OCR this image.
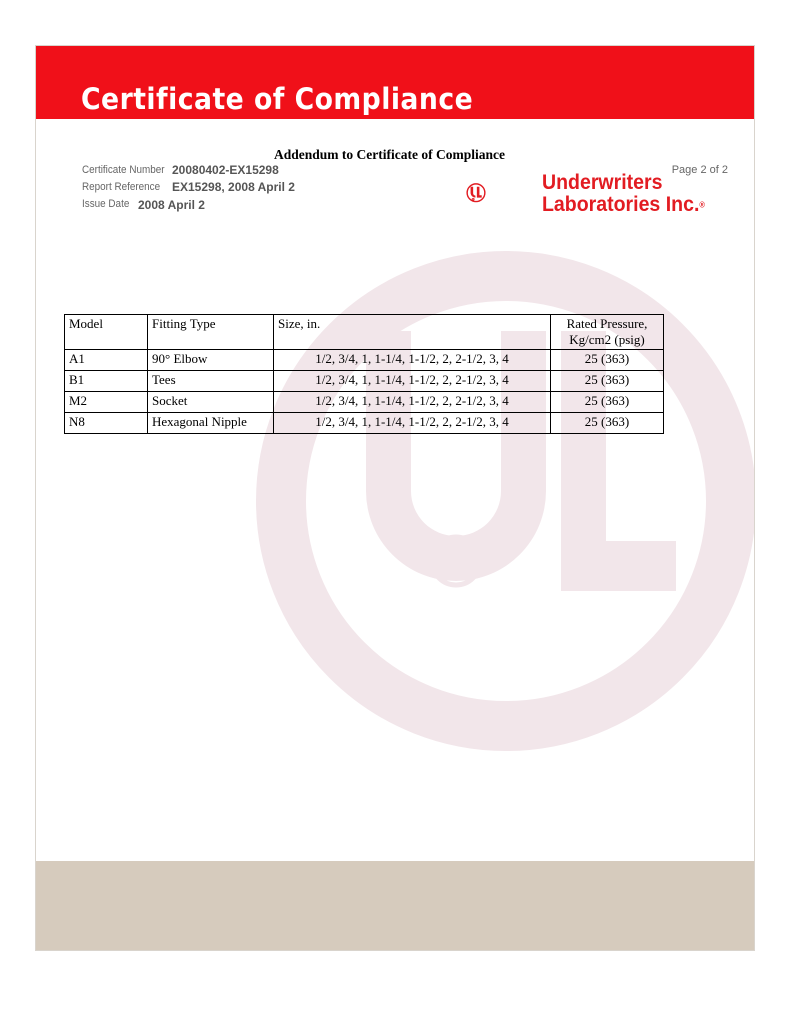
Certificate of Compliance
Addendum to Certificate of Compliance
Certificate Number 20080402-EX15298
Report Reference EX15298, 2008 April 2
Issue Date 2008 April 2
Page 2 of 2
®
Underwriters
Laboratories Inc.®
Model	Fitting Type	Size, in.	Rated Pressure,
Kg/cm2 (psig)

A1	90° Elbow	1/2, 3/4, 1, 1-1/4, 1-1/2, 2, 2-1/2, 3, 4	25 (363)
B1	Tees	1/2, 3/4, 1, 1-1/4, 1-1/2, 2, 2-1/2, 3, 4	25 (363)
M2	Socket	1/2, 3/4, 1, 1-1/4, 1-1/2, 2, 2-1/2, 3, 4	25 (363)
N8	Hexagonal Nipple	1/2, 3/4, 1, 1-1/4, 1-1/2, 2, 2-1/2, 3, 4	25 (363)
